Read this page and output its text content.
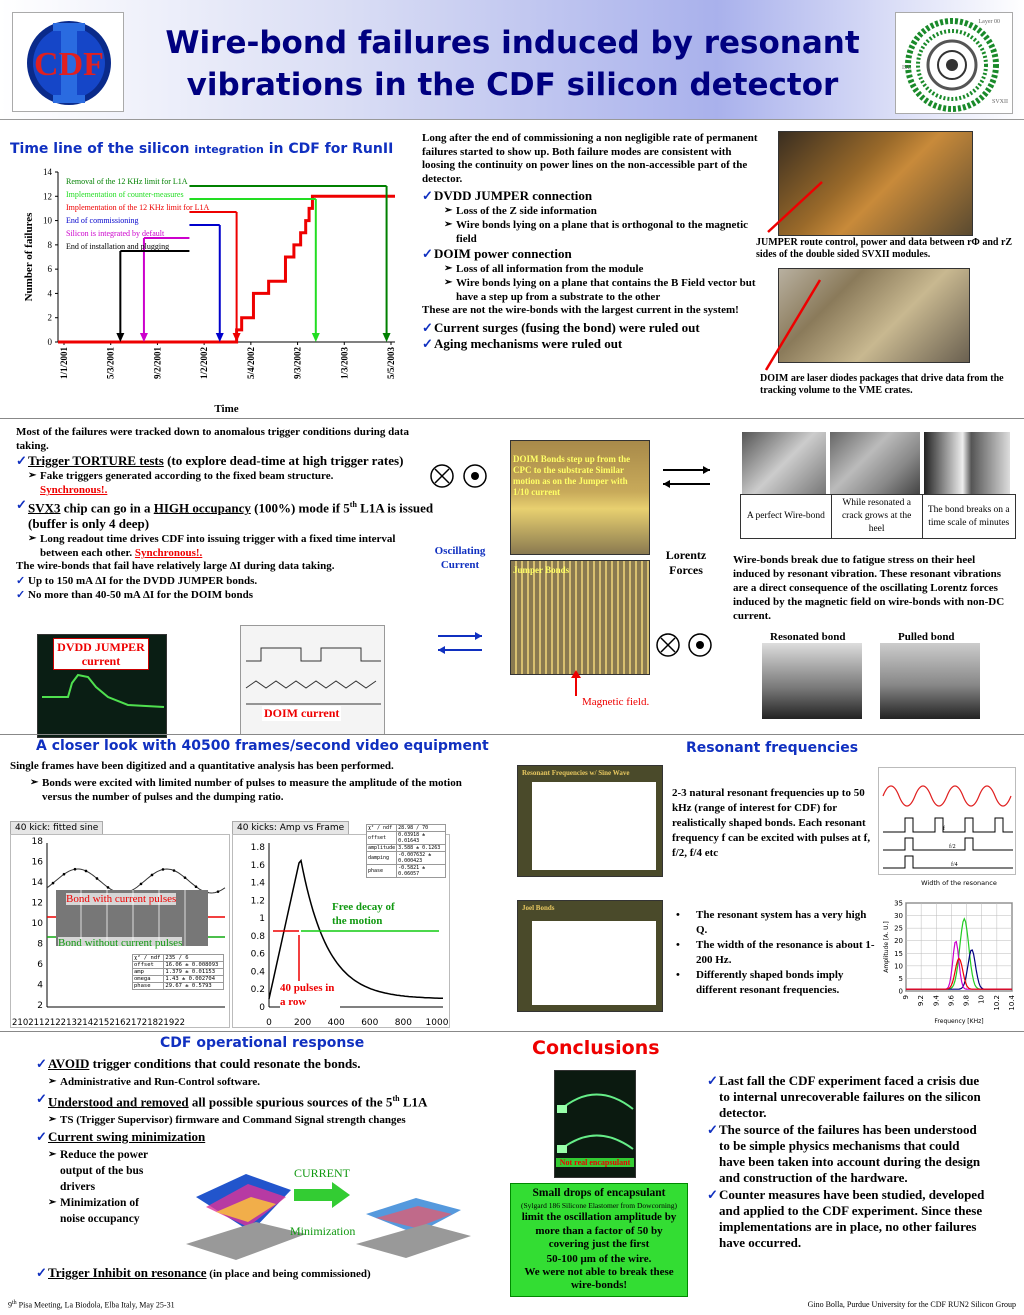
CDF
Wire-bond failures induced by resonant
vibrations in the CDF silicon detector
Layer 00
ISL
SVXII
Time line of the silicon integration in CDF for RunII
0
2
4
6
8
10
12
14
1/1/2001	5/3/2001	9/2/2001	1/2/2002	5/4/2002	9/3/2002	1/3/2003	5/5/2003
Time
Number of failures
Removal of the 12 KHz limit for L1A
Implementation of counter-measures
Implementation of the 12 KHz limit for L1A
End of commissioning
Silicon is integrated by default
End of installation and plugging
Long after the end of commissioning a non negligible rate of permanent failures started to show up. Both failure modes are consistent with loosing the continuity on power lines on the non-accessible part of the detector.
✓ DVDD JUMPER connection
➢ Loss of the Z side information
➢ Wire bonds lying on a plane that is orthogonal to the magnetic field
✓ DOIM power connection
➢ Loss of all information from the module
➢ Wire bonds lying on a plane that contains the B Field vector but have a step up from a substrate to the other
These are not the wire-bonds with the largest current in the system!
✓ Current surges (fusing the bond) were ruled out
✓ Aging mechanisms were ruled out
JUMPER route control, power and data between rΦ and rZ sides of the double sided SVXII modules.
DOIM are laser diodes packages that drive data from the tracking volume to the VME crates.
Most of the failures were tracked down to anomalous trigger conditions during data taking.
✓ Trigger TORTURE tests (to explore dead-time at high trigger rates)
➢ Fake triggers generated according to the fixed beam structure.
Synchronous!.
✓ SVX3 chip can go in a HIGH occupancy (100%) mode if 5th L1A is issued (buffer is only 4 deep)
➢ Long readout time drives CDF into issuing trigger with a fixed time interval between each other. Synchronous!.
The wire-bonds that fail have relatively large ΔI during data taking.
✓ Up to 150 mA ΔI for the DVDD JUMPER bonds.
✓ No more than 40-50 mA ΔI for the DOIM bonds
DVDD JUMPER current
DOIM current
Oscillating Current
DOIM Bonds step up from the CPC to the substrate Similar motion as on the Jumper with 1/10 current
Jumper Bonds
Lorentz Forces
Magnetic field.
A perfect Wire-bond	While resonated a crack grows at the heel	The bond breaks on a time scale of minutes
Wire-bonds break due to fatigue stress on their heel induced by resonant vibration. These resonant vibrations are a direct consequence of the oscillating Lorentz forces induced by the magnetic field on wire-bonds with non-DC current.
Resonated bond	Pulled bond
A closer look with 40500 frames/second video equipment
Single frames have been digitized and a quantitative analysis has been performed.
➢ Bonds were excited with limited number of pulses to measure the amplitude of the motion versus the number of pulses and the dumping ratio.
40 kick: fitted sine
2
4
6
8
10
12
14
16
18
21021121221321421521621721821922
Bond with current pulses
Bond without current pulses
χ² / ndf	235 / 6
offset	16.06 ± 0.008093
amp	1.379 ± 0.01153
omega	1.43 ± 0.002704
phase	29.67 ± 0.5793
40 kicks: Amp vs Frame
0
0.2
0.4
0.6
0.8
1
1.2
1.4
1.6
1.8
0 200 400 600 800 1000
χ² / ndf	28.98 / 70
offset	0.03918 ± 0.01643
amplitude	3.588 ± 0.1263
damping	-0.007632 ± 0.000423
phase	-0.5821 ± 0.06057
Free decay of the motion
40 pulses in a row
Resonant frequencies
Resonant Frequencies w/ Sine Wave
Joel Bonds
2-3 natural resonant frequencies up to 50 kHz (range of interest for CDF) for realistically shaped bonds. Each resonant frequency f can be excited with pulses at f, f/2, f/4 etc
• The resonant system has a very high Q.
• The width of the resonance is about 1-200 Hz.
• Differently shaped bonds imply different resonant frequencies.
f
f/2
f/4
Width of the resonance
0
5
10
15
20
25
30
35
9 9.2 9.4 9.6 9.8 10 10.2 10.4
Frequency [KHz]
Amplitude [A. U.]
CDF operational response
✓ AVOID trigger conditions that could resonate the bonds.
➢ Administrative and Run-Control software.
✓ Understood and removed all possible spurious sources of the 5th L1A
➢ TS (Trigger Supervisor) firmware and Command Signal strength changes
✓ Current swing minimization
➢ Reduce the power output of the bus drivers
➢ Minimization of noise occupancy
CURRENT
Minimization
✓ Trigger Inhibit on resonance (in place and being commissioned)
Conclusions
Not real encapsulant
Small drops of encapsulant
(Sylgard 186 Silicone Elastomer from Dowcorning)
limit the oscillation amplitude by more than a factor of 50 by covering just the first
50-100 μm of the wire.
We were not able to break these wire-bonds!
✓ Last fall the CDF experiment faced a crisis due to internal unrecoverable failures on the silicon detector.
✓ The source of the failures has been understood to be simple physics mechanisms that could have been taken into account during the design and construction of the hardware.
✓ Counter measures have been studied, developed and applied to the CDF experiment. Since these implementations are in place, no other failures have occurred.
9th Pisa Meeting, La Biodola, Elba Italy, May 25-31	Gino Bolla, Purdue University for the CDF RUN2 Silicon Group
